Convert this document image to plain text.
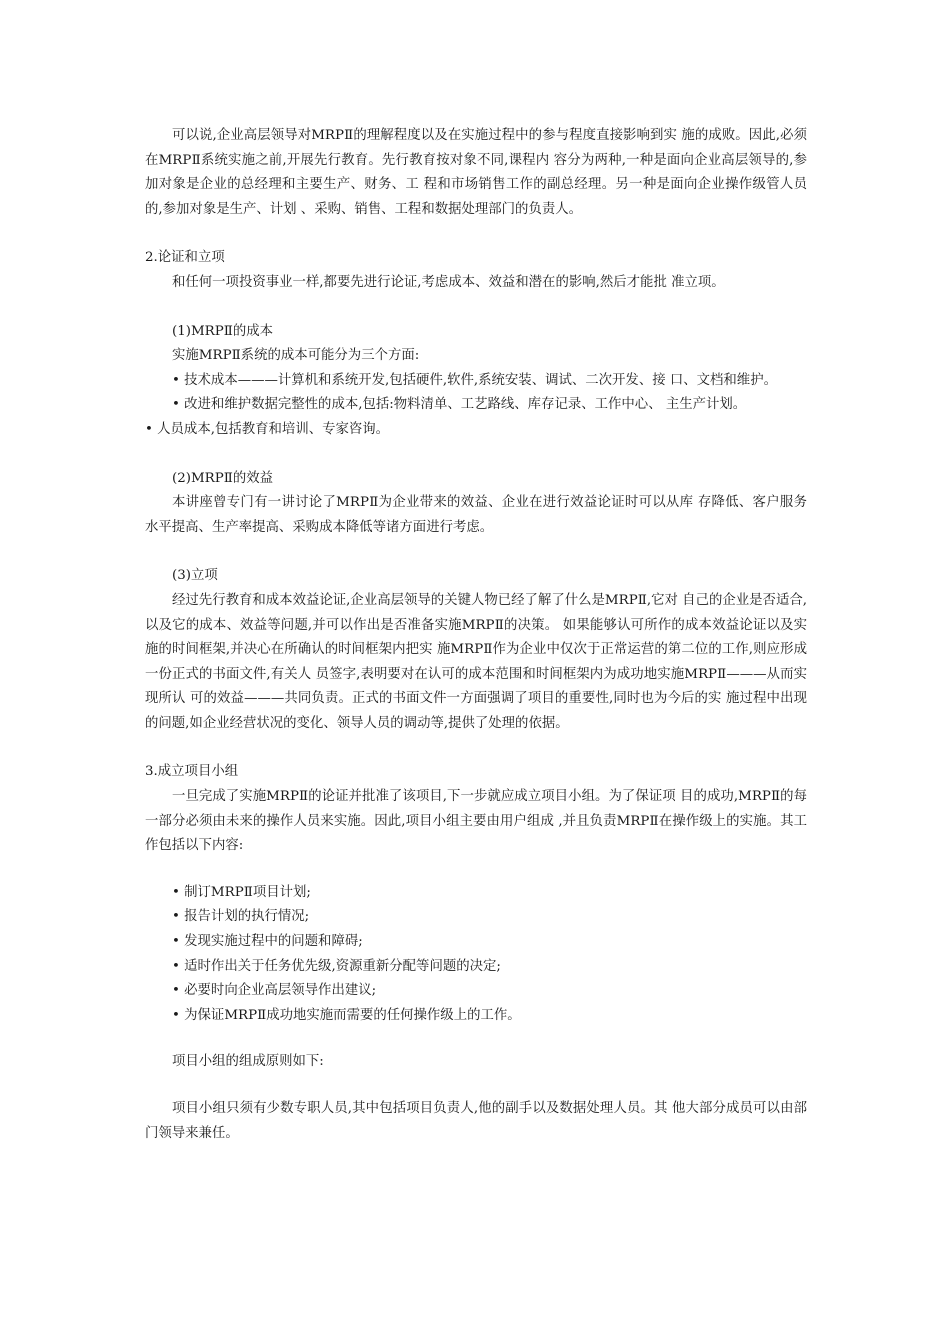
可以说,企业高层领导对MRPⅡ的理解程度以及在实施过程中的参与程度直接影响到实 施的成败。因此,必须在MRPⅡ系统实施之前,开展先行教育。先行教育按对象不同,课程内 容分为两种,一种是面向企业高层领导的,参加对象是企业的总经理和主要生产、财务、工 程和市场销售工作的副总经理。另一种是面向企业操作级管人员的,参加对象是生产、计划 、采购、销售、工程和数据处理部门的负责人。

2.论证和立项

和任何一项投资事业一样,都要先进行论证,考虑成本、效益和潜在的影响,然后才能批 准立项。

(1)MRPⅡ的成本

实施MRPⅡ系统的成本可能分为三个方面:

• 技术成本———计算机和系统开发,包括硬件,软件,系统安装、调试、二次开发、接 口、文档和维护。

• 改进和维护数据完整性的成本,包括:物料清单、工艺路线、库存记录、工作中心、 主生产计划。

• 人员成本,包括教育和培训、专家咨询。

(2)MRPⅡ的效益

本讲座曾专门有一讲讨论了MRPⅡ为企业带来的效益、企业在进行效益论证时可以从库 存降低、客户服务水平提高、生产率提高、采购成本降低等诸方面进行考虑。

(3)立项

经过先行教育和成本效益论证,企业高层领导的关键人物已经了解了什么是MRPⅡ,它对 自己的企业是否适合,以及它的成本、效益等问题,并可以作出是否准备实施MRPⅡ的决策。 如果能够认可所作的成本效益论证以及实施的时间框架,并决心在所确认的时间框架内把实 施MRPⅡ作为企业中仅次于正常运营的第二位的工作,则应形成一份正式的书面文件,有关人 员签字,表明要对在认可的成本范围和时间框架内为成功地实施MRPⅡ———从而实现所认 可的效益———共同负责。正式的书面文件一方面强调了项目的重要性,同时也为今后的实 施过程中出现的问题,如企业经营状况的变化、领导人员的调动等,提供了处理的依据。

3.成立项目小组

一旦完成了实施MRPⅡ的论证并批准了该项目,下一步就应成立项目小组。为了保证项 目的成功,MRPⅡ的每一部分必须由未来的操作人员来实施。因此,项目小组主要由用户组成 ,并且负责MRPⅡ在操作级上的实施。其工作包括以下内容:

• 制订MRPⅡ项目计划;
• 报告计划的执行情况;
• 发现实施过程中的问题和障碍;
• 适时作出关于任务优先级,资源重新分配等问题的决定;
• 必要时向企业高层领导作出建议;
• 为保证MRPⅡ成功地实施而需要的任何操作级上的工作。

项目小组的组成原则如下:

项目小组只须有少数专职人员,其中包括项目负责人,他的副手以及数据处理人员。其 他大部分成员可以由部门领导来兼任。
